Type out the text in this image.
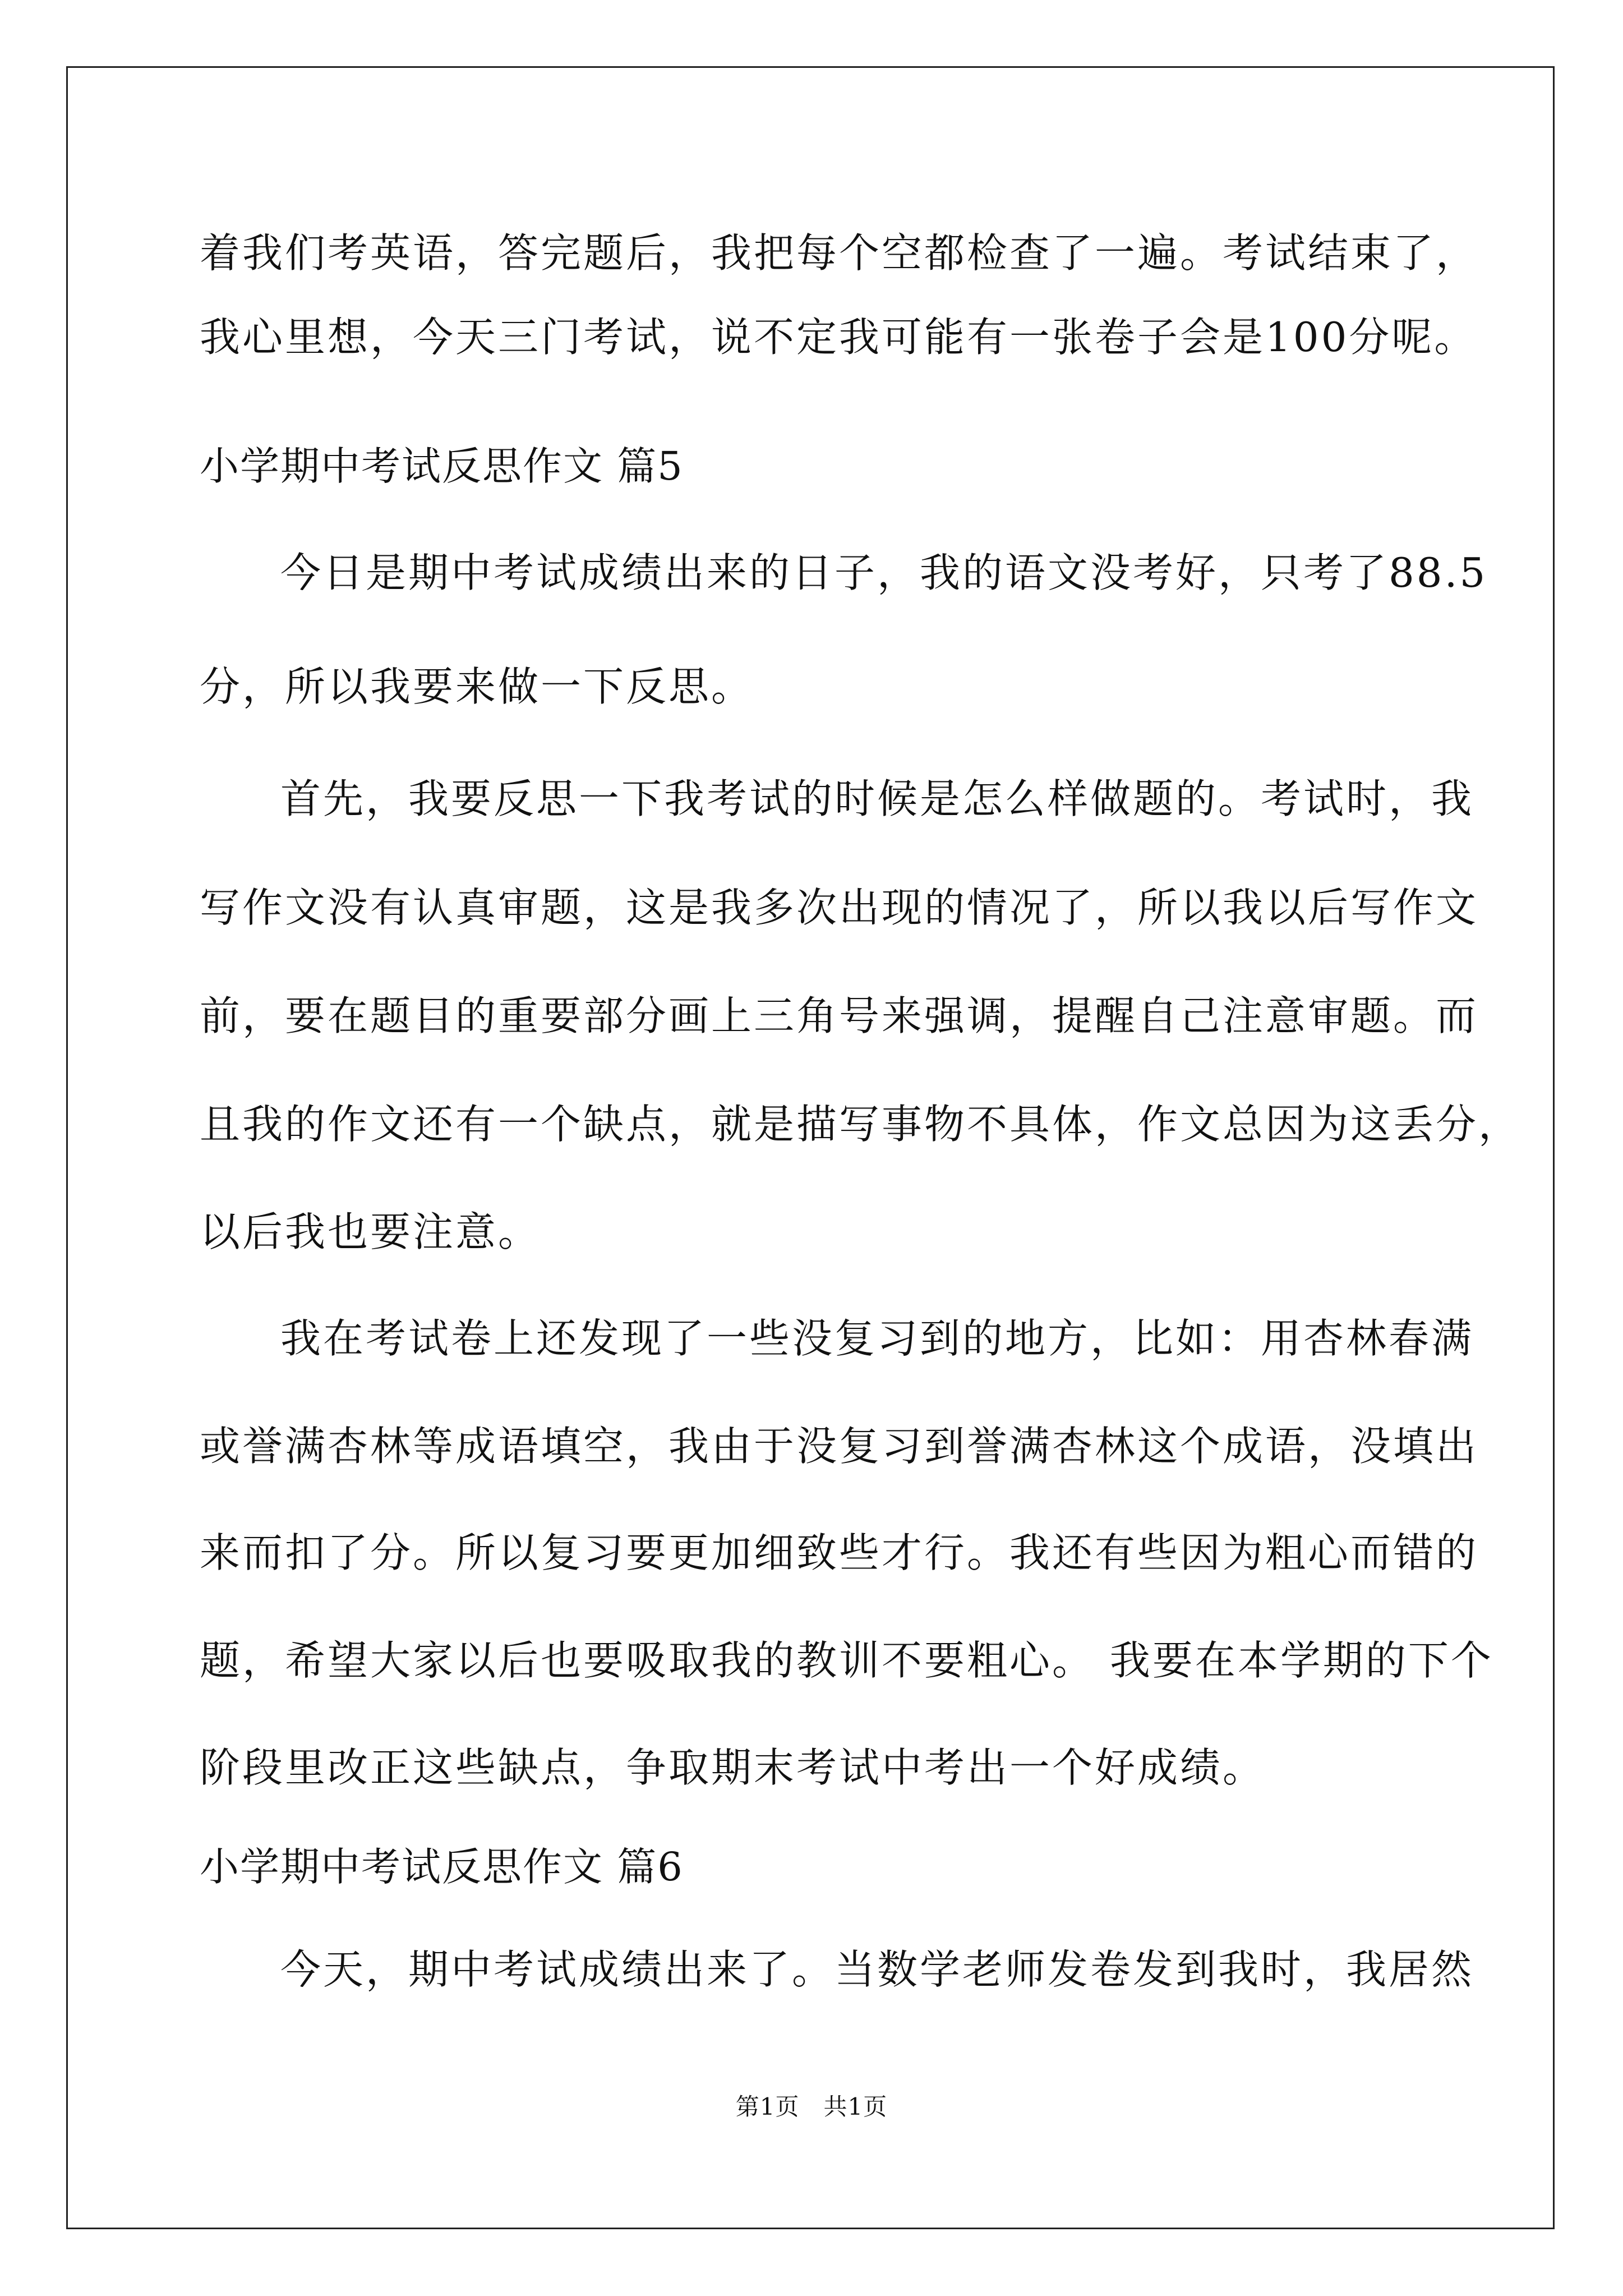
着我们考英语，答完题后，我把每个空都检查了一遍。考试结束了，
我心里想，今天三门考试，说不定我可能有一张卷子会是100分呢。
小学期中考试反思作文 篇5
今日是期中考试成绩出来的日子，我的语文没考好，只考了88.5
分，所以我要来做一下反思。
首先，我要反思一下我考试的时候是怎么样做题的。考试时，我
写作文没有认真审题，这是我多次出现的情况了，所以我以后写作文
前，要在题目的重要部分画上三角号来强调，提醒自己注意审题。而
且我的作文还有一个缺点，就是描写事物不具体，作文总因为这丢分，
以后我也要注意。
我在考试卷上还发现了一些没复习到的地方，比如：用杏林春满
或誉满杏林等成语填空，我由于没复习到誉满杏林这个成语，没填出
来而扣了分。所以复习要更加细致些才行。我还有些因为粗心而错的
题，希望大家以后也要吸取我的教训不要粗心。 我要在本学期的下个
阶段里改正这些缺点，争取期末考试中考出一个好成绩。
小学期中考试反思作文 篇6
今天，期中考试成绩出来了。当数学老师发卷发到我时，我居然
第1页　共1页
